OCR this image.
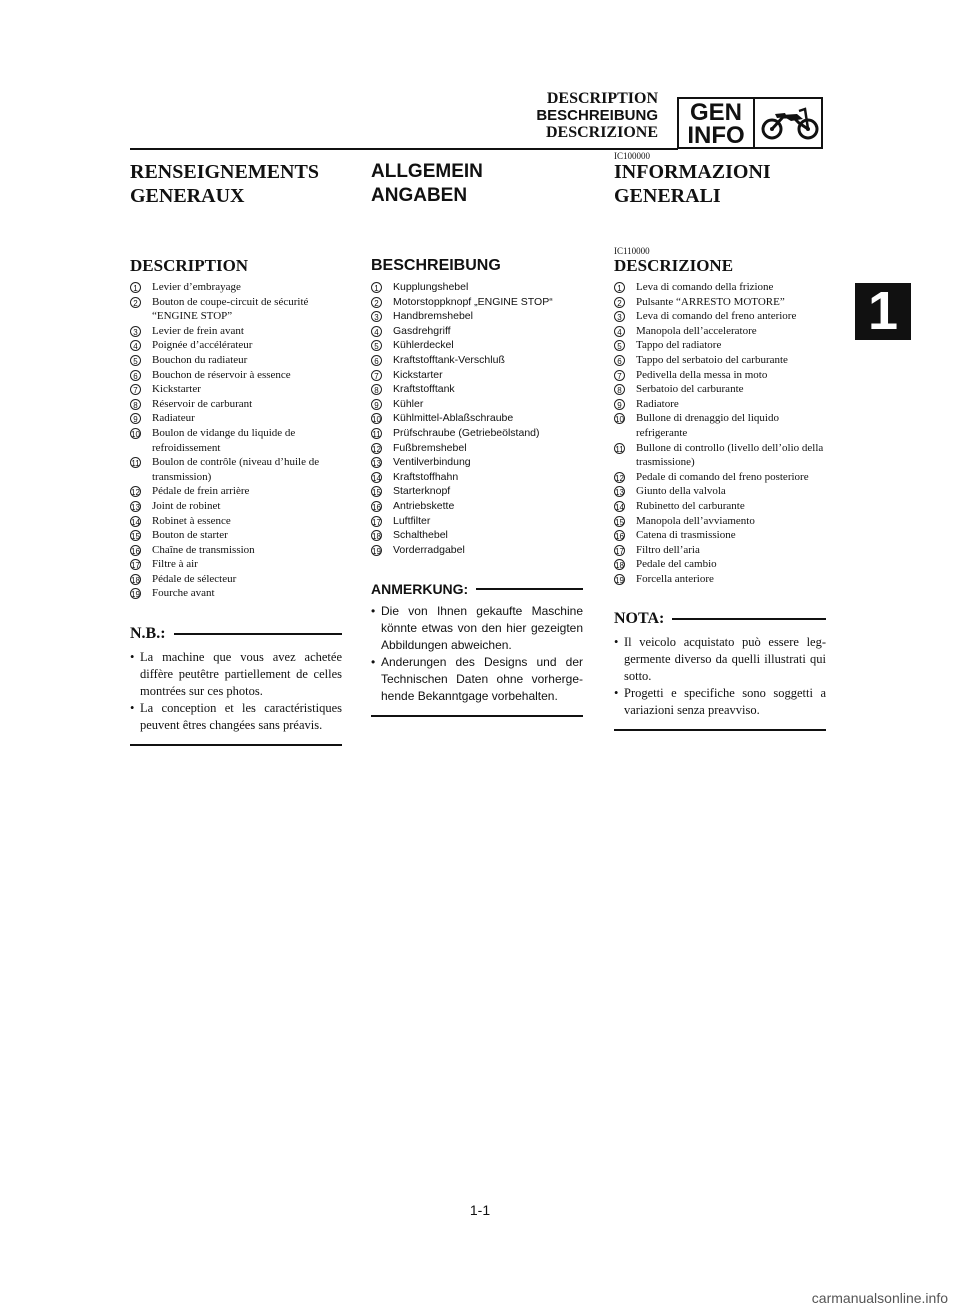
DESCRIPTION
BESCHREIBUNG
DESCRIZIONE
GEN
INFO
IC100000
1
RENSEIGNEMENTS GENERAUX
DESCRIPTION
1 Levier d’embrayage
2 Bouton de coupe-circuit de sécurité “ENGINE STOP”
3 Levier de frein avant
4 Poignée d’accélérateur
5 Bouchon du radiateur
6 Bouchon de réservoir à essence
7 Kickstarter
8 Réservoir de carburant
9 Radiateur
10 Boulon de vidange du liquide de refroidissement
11 Boulon de contrôle (niveau d’huile de transmission)
12 Pédale de frein arrière
13 Joint de robinet
14 Robinet à essence
15 Bouton de starter
16 Chaîne de transmission
17 Filtre à air
18 Pédale de sélecteur
19 Fourche avant
N.B.:
• La machine que vous avez achetée diffère peutêtre partiellement de celles montrées sur ces photos.
• La conception et les caractéristiques peuvent êtres changées sans préavis.
ALLGEMEIN ANGABEN
BESCHREIBUNG
1	Kupplungshebel
2	Motorstoppknopf „ENGINE STOP“
3	Handbremshebel
4	Gasdrehgriff
5	Kühlerdeckel
6	Kraftstofftank-Verschluß
7	Kickstarter
8	Kraftstofftank
9	Kühler
10 Kühlmittel-Ablaßschraube
11 Prüfschraube (Getriebeölstand)
12 Fußbremshebel
13 Ventilverbindung
14 Kraftstoffhahn
15 Starterknopf
16 Antriebskette
17 Luftfilter
18 Schalthebel
19 Vorderradgabel
ANMERKUNG:
• Die von Ihnen gekaufte Maschine könnte etwas von den hier gezeigten Abbildungen abweichen.
• Anderungen des Designs und der Technischen Daten ohne vorherge-hende Bekanntgage vorbehalten.
INFORMAZIONI GENERALI
IC110000
DESCRIZIONE
1 Leva di comando della frizione
2 Pulsante “ARRESTO MOTORE”
3 Leva di comando del freno anteriore
4 Manopola dell’acceleratore
5 Tappo del radiatore
6 Tappo del serbatoio del carburante
7 Pedivella della messa in moto
8 Serbatoio del carburante
9 Radiatore
10 Bullone di drenaggio del liquido refrigerante
11 Bullone di controllo (livello dell’olio della trasmissione)
12 Pedale di comando del freno posteriore
13 Giunto della valvola
14 Rubinetto del carburante
15 Manopola dell’avviamento
16 Catena di trasmissione
17 Filtro dell’aria
18 Pedale del cambio
19 Forcella anteriore
NOTA:
• Il veicolo acquistato può essere leg-germente diverso da quelli illustrati qui sotto.
• Progetti e specifiche sono soggetti a variazioni senza preavviso.
1-1
carmanualsonline.info
